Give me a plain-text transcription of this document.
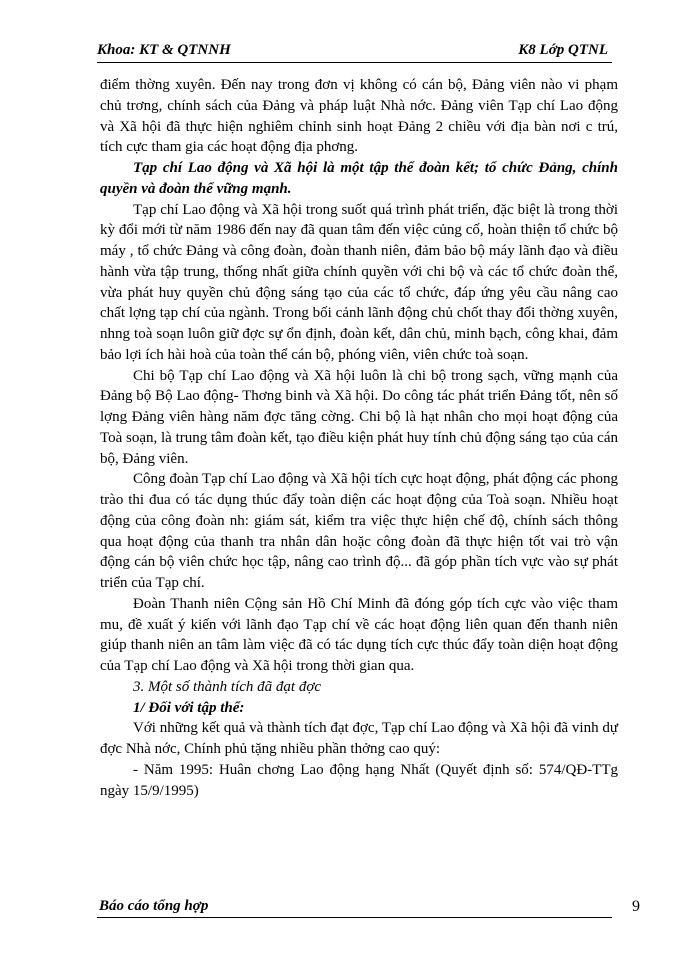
Khoa: KT & QTNNH	K8 Lớp QTNL

điểm thờng xuyên. Đến nay trong đơn vị không có cán bộ, Đảng viên nào vi phạm chủ trơng, chính sách của Đảng và pháp luật Nhà nớc. Đảng viên Tạp chí Lao động và Xã hội đã thực hiện nghiêm chỉnh sinh hoạt Đảng 2 chiều với địa bàn nơi c trú, tích cực tham gia các hoạt động địa phơng.

Tạp chí Lao động và Xã hội là một tập thể đoàn kết; tổ chức Đảng, chính quyền và đoàn thể vững mạnh.

Tạp chí Lao động và Xã hội trong suốt quá trình phát triển, đặc biệt là trong thời kỳ đổi mới từ năm 1986 đến nay đã quan tâm đến việc củng cố, hoàn thiện tổ chức bộ máy , tổ chức Đảng và công đoàn, đoàn thanh niên, đảm bảo bộ máy lãnh đạo và điều hành vừa tập trung, thống nhất giữa chính quyền với chi bộ và các tổ chức đoàn thể, vừa phát huy quyền chủ động sáng tạo của các tổ chức, đáp ứng yêu cầu nâng cao chất lợng tạp chí của ngành. Trong bối cảnh lãnh động chủ chốt thay đổi thờng xuyên, nhng toà soạn luôn giữ đợc sự ổn định, đoàn kết, dân chủ, minh bạch, công khai, đảm bảo lợi ích hài hoà của toàn thể cán bộ, phóng viên, viên chức toà soạn.

Chi bộ Tạp chí Lao động và Xã hội luôn là chi bộ trong sạch, vững mạnh của Đảng bộ Bộ Lao động- Thơng binh và Xã hội. Do công tác phát triển Đảng tốt, nên số lợng Đảng viên hàng năm đợc tăng cờng. Chi bộ là hạt nhân cho mọi hoạt động của Toà soạn, là trung tâm đoàn kết, tạo điều kiện phát huy tính chủ động sáng tạo của cán bộ, Đảng viên.

Công đoàn Tạp chí Lao động và Xã hội tích cực hoạt động, phát động các phong trào thi đua có tác dụng thúc đẩy toàn diện các hoạt động của Toà soạn. Nhiều hoạt động của công đoàn nh: giám sát, kiểm tra việc thực hiện chế độ, chính sách thông qua hoạt động của thanh tra nhân dân hoặc công đoàn đã thực hiện tốt vai trò vận động cán bộ viên chức học tập, nâng cao trình độ... đã góp phần tích vực vào sự phát triển của Tạp chí.

Đoàn Thanh niên Cộng sản Hồ Chí Minh đã đóng góp tích cực vào việc tham mu, đề xuất ý kiến với lãnh đạo Tạp chí về các hoạt động liên quan đến thanh niên giúp thanh niên an tâm làm việc đã có tác dụng tích cực thúc đẩy toàn diện hoạt động của Tạp chí Lao động và Xã hội trong thời gian qua.

3. Một số thành tích đã đạt đợc

1/ Đối với tập thể:

Với những kết quả và thành tích đạt đợc, Tạp chí Lao động và Xã hội đã vinh dự đợc Nhà nớc, Chính phủ tặng nhiều phần thởng cao quý:

- Năm 1995: Huân chơng Lao động hạng Nhất (Quyết định số: 574/QĐ-TTg ngày 15/9/1995)

Báo cáo tổng hợp	9
